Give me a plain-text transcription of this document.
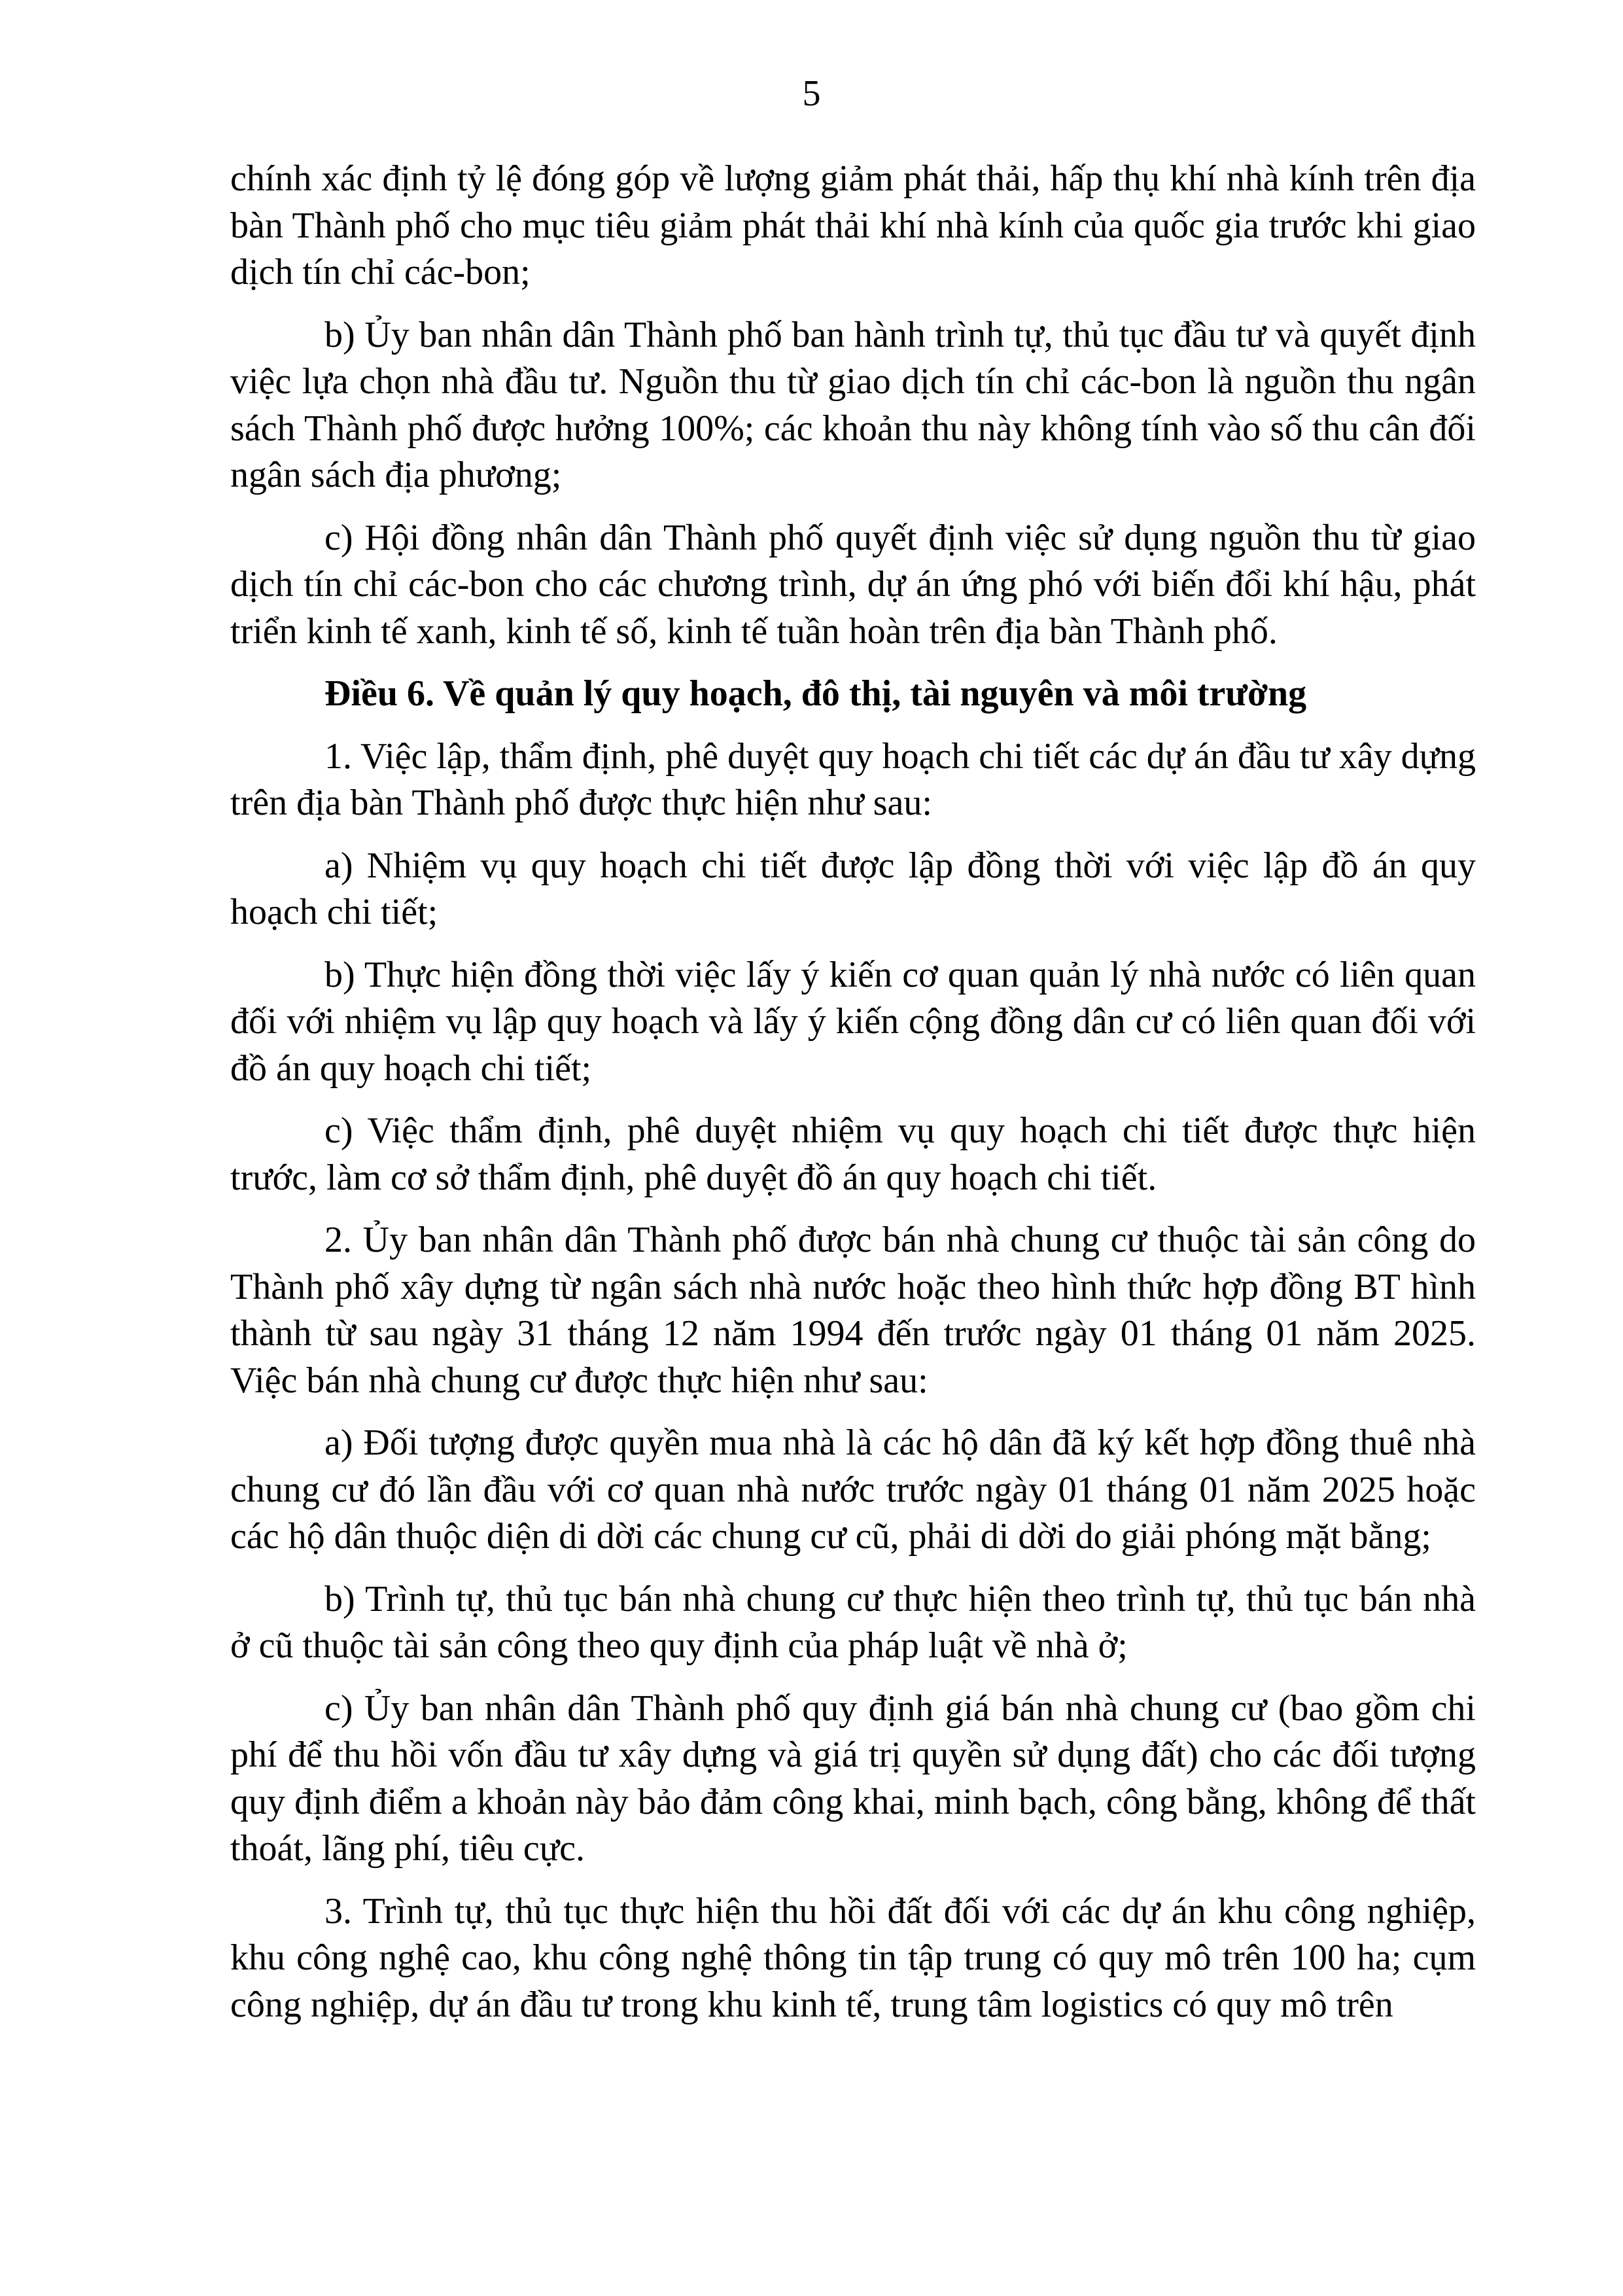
5

chính xác định tỷ lệ đóng góp về lượng giảm phát thải, hấp thụ khí nhà kính trên địa bàn Thành phố cho mục tiêu giảm phát thải khí nhà kính của quốc gia trước khi giao dịch tín chỉ các-bon;

b) Ủy ban nhân dân Thành phố ban hành trình tự, thủ tục đầu tư và quyết định việc lựa chọn nhà đầu tư. Nguồn thu từ giao dịch tín chỉ các-bon là nguồn thu ngân sách Thành phố được hưởng 100%; các khoản thu này không tính vào số thu cân đối ngân sách địa phương;

c) Hội đồng nhân dân Thành phố quyết định việc sử dụng nguồn thu từ giao dịch tín chỉ các-bon cho các chương trình, dự án ứng phó với biến đổi khí hậu, phát triển kinh tế xanh, kinh tế số, kinh tế tuần hoàn trên địa bàn Thành phố.

Điều 6. Về quản lý quy hoạch, đô thị, tài nguyên và môi trường

1. Việc lập, thẩm định, phê duyệt quy hoạch chi tiết các dự án đầu tư xây dựng trên địa bàn Thành phố được thực hiện như sau:

a) Nhiệm vụ quy hoạch chi tiết được lập đồng thời với việc lập đồ án quy hoạch chi tiết;

b) Thực hiện đồng thời việc lấy ý kiến cơ quan quản lý nhà nước có liên quan đối với nhiệm vụ lập quy hoạch và lấy ý kiến cộng đồng dân cư có liên quan đối với đồ án quy hoạch chi tiết;

c) Việc thẩm định, phê duyệt nhiệm vụ quy hoạch chi tiết được thực hiện trước, làm cơ sở thẩm định, phê duyệt đồ án quy hoạch chi tiết.

2. Ủy ban nhân dân Thành phố được bán nhà chung cư thuộc tài sản công do Thành phố xây dựng từ ngân sách nhà nước hoặc theo hình thức hợp đồng BT hình thành từ sau ngày 31 tháng 12 năm 1994 đến trước ngày 01 tháng 01 năm 2025. Việc bán nhà chung cư được thực hiện như sau:

a) Đối tượng được quyền mua nhà là các hộ dân đã ký kết hợp đồng thuê nhà chung cư đó lần đầu với cơ quan nhà nước trước ngày 01 tháng 01 năm 2025 hoặc các hộ dân thuộc diện di dời các chung cư cũ, phải di dời do giải phóng mặt bằng;

b) Trình tự, thủ tục bán nhà chung cư thực hiện theo trình tự, thủ tục bán nhà ở cũ thuộc tài sản công theo quy định của pháp luật về nhà ở;

c) Ủy ban nhân dân Thành phố quy định giá bán nhà chung cư (bao gồm chi phí để thu hồi vốn đầu tư xây dựng và giá trị quyền sử dụng đất) cho các đối tượng quy định điểm a khoản này bảo đảm công khai, minh bạch, công bằng, không để thất thoát, lãng phí, tiêu cực.

3. Trình tự, thủ tục thực hiện thu hồi đất đối với các dự án khu công nghiệp, khu công nghệ cao, khu công nghệ thông tin tập trung có quy mô trên 100 ha; cụm công nghiệp, dự án đầu tư trong khu kinh tế, trung tâm logistics có quy mô trên
